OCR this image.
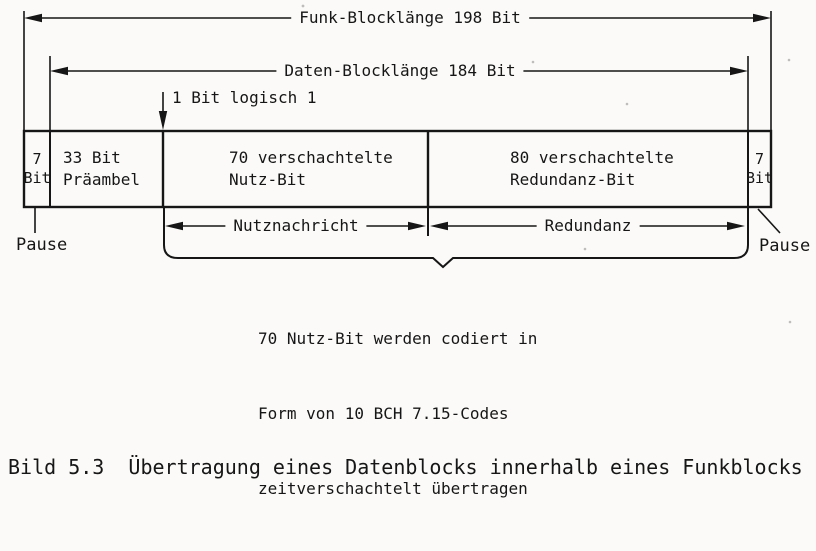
Funk-Blocklänge 198 Bit
Daten-Blocklänge 184 Bit
1 Bit logisch 1
7
Bit
33 Bit
Präambel
70 verschachtelte
Nutz-Bit
80 verschachtelte
Redundanz-Bit
7
Bit
Nutznachricht	Redundanz
Pause	Pause

70 Nutz-Bit werden codiert in

Form von 10 BCH 7.15-Codes

zeitverschachtelt übertragen

Bild 5.3  Übertragung eines Datenblocks innerhalb eines Funkblocks
